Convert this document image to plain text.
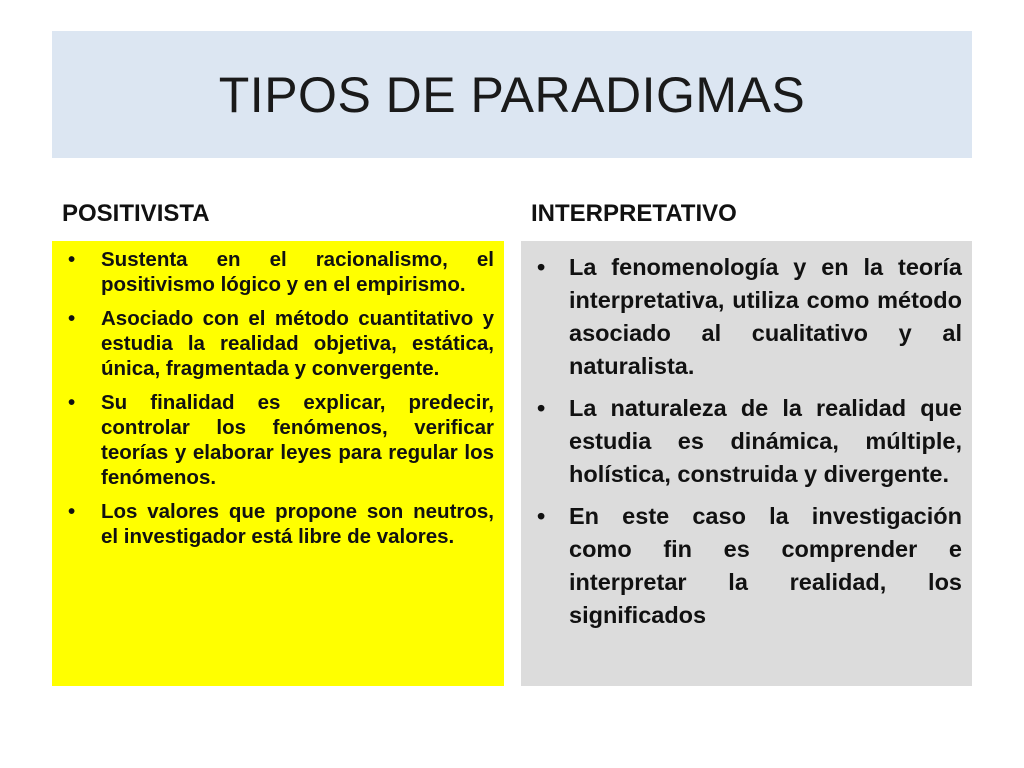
TIPOS DE PARADIGMAS
POSITIVISTA	INTERPRETATIVO
• Sustenta en el racionalismo, el positivismo lógico y en el empirismo.
• Asociado con el método cuantitativo y estudia la realidad objetiva, estática, única, fragmentada y convergente.
• Su finalidad es explicar, predecir, controlar los fenómenos, verificar teorías y elaborar leyes para regular los fenómenos.
• Los valores que propone son neutros, el investigador está libre de valores.
• La fenomenología y en la teoría interpretativa, utiliza como método asociado al cualitativo y al naturalista.
• La naturaleza de la realidad que estudia es dinámica, múltiple, holística, construida y divergente.
• En este caso la investigación como fin es comprender e interpretar la realidad, los significados
